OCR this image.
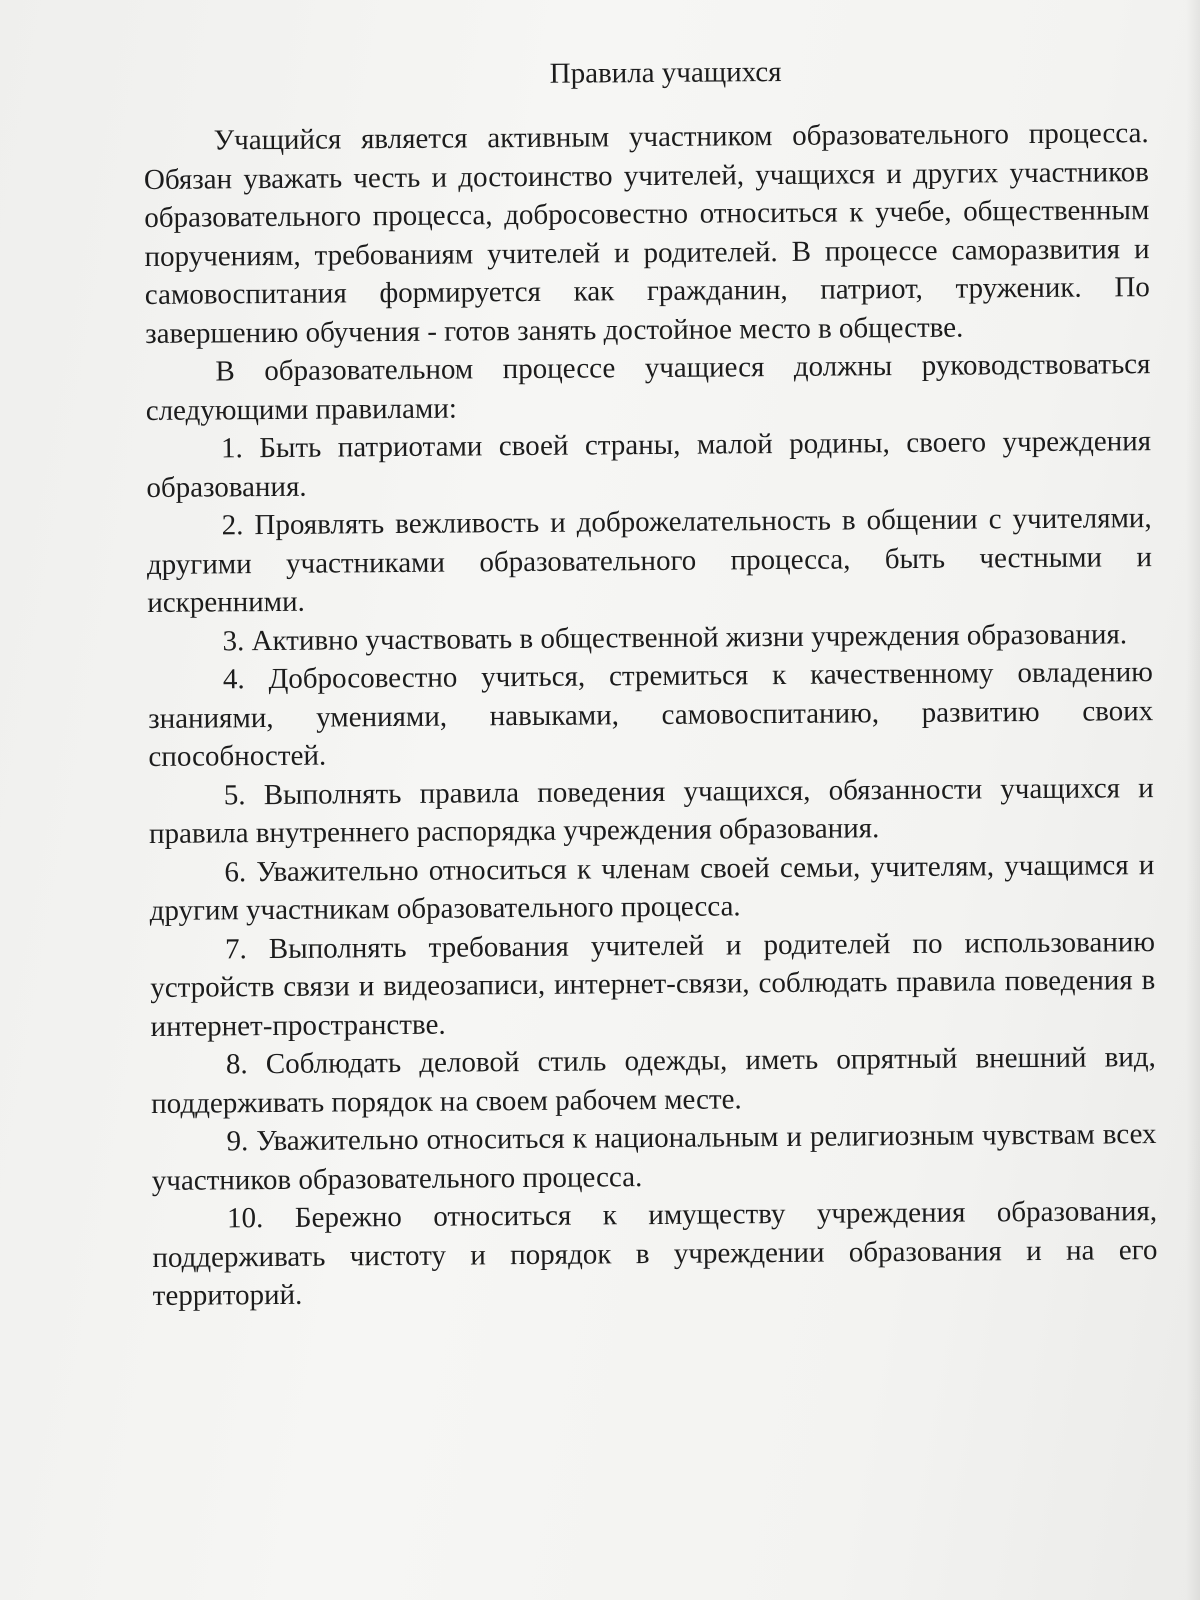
Правила учащихся

Учащийся является активным участником образовательного процесса. Обязан уважать честь и достоинство учителей, учащихся и других участников образовательного процесса, добросовестно относиться к учебе, общественным поручениям, требованиям учителей и родителей. В процессе саморазвития и самовоспитания формируется как гражданин, патриот, труженик. По завершению обучения - готов занять достойное место в обществе.

В образовательном процессе учащиеся должны руководствоваться следующими правилами:

1. Быть патриотами своей страны, малой родины, своего учреждения образования.
2. Проявлять вежливость и доброжелательность в общении с учителями, другими участниками образовательного процесса, быть честными и искренними.
3. Активно участвовать в общественной жизни учреждения образования.
4. Добросовестно учиться, стремиться к качественному овладению знаниями, умениями, навыками, самовоспитанию, развитию своих способностей.
5. Выполнять правила поведения учащихся, обязанности учащихся и правила внутреннего распорядка учреждения образования.
6. Уважительно относиться к членам своей семьи, учителям, учащимся и другим участникам образовательного процесса.
7. Выполнять требования учителей и родителей по использованию устройств связи и видеозаписи, интернет-связи, соблюдать правила поведения в интернет-пространстве.
8. Соблюдать деловой стиль одежды, иметь опрятный внешний вид, поддерживать порядок на своем рабочем месте.
9. Уважительно относиться к национальным и религиозным чувствам всех участников образовательного процесса.
10. Бережно относиться к имуществу учреждения образования, поддерживать чистоту и порядок в учреждении образования и на его территорий.
